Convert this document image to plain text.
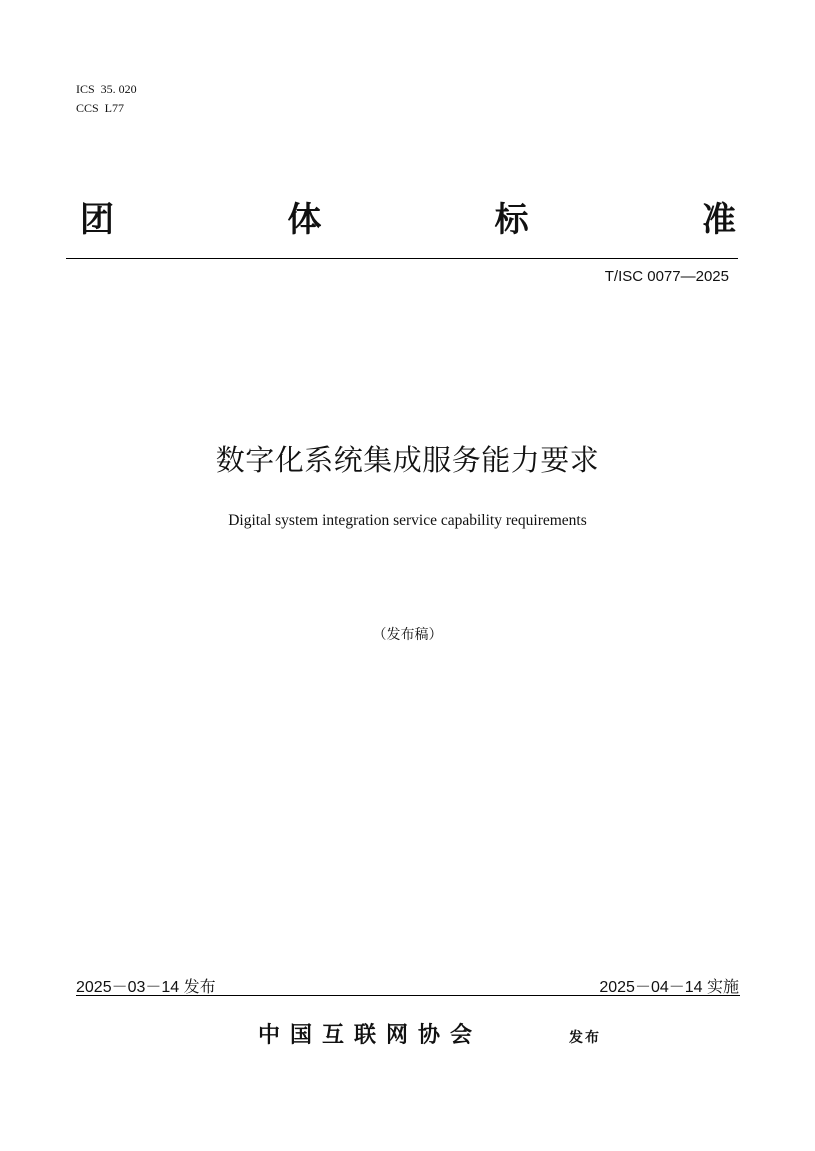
ICS  35. 020
CCS  L77
团	体	标	准
T/ISC 0077—2025
数字化系统集成服务能力要求
Digital system integration service capability requirements
（发布稿）
2025－03－14 发布	2025－04－14 实施
中国互联网协会	发布
